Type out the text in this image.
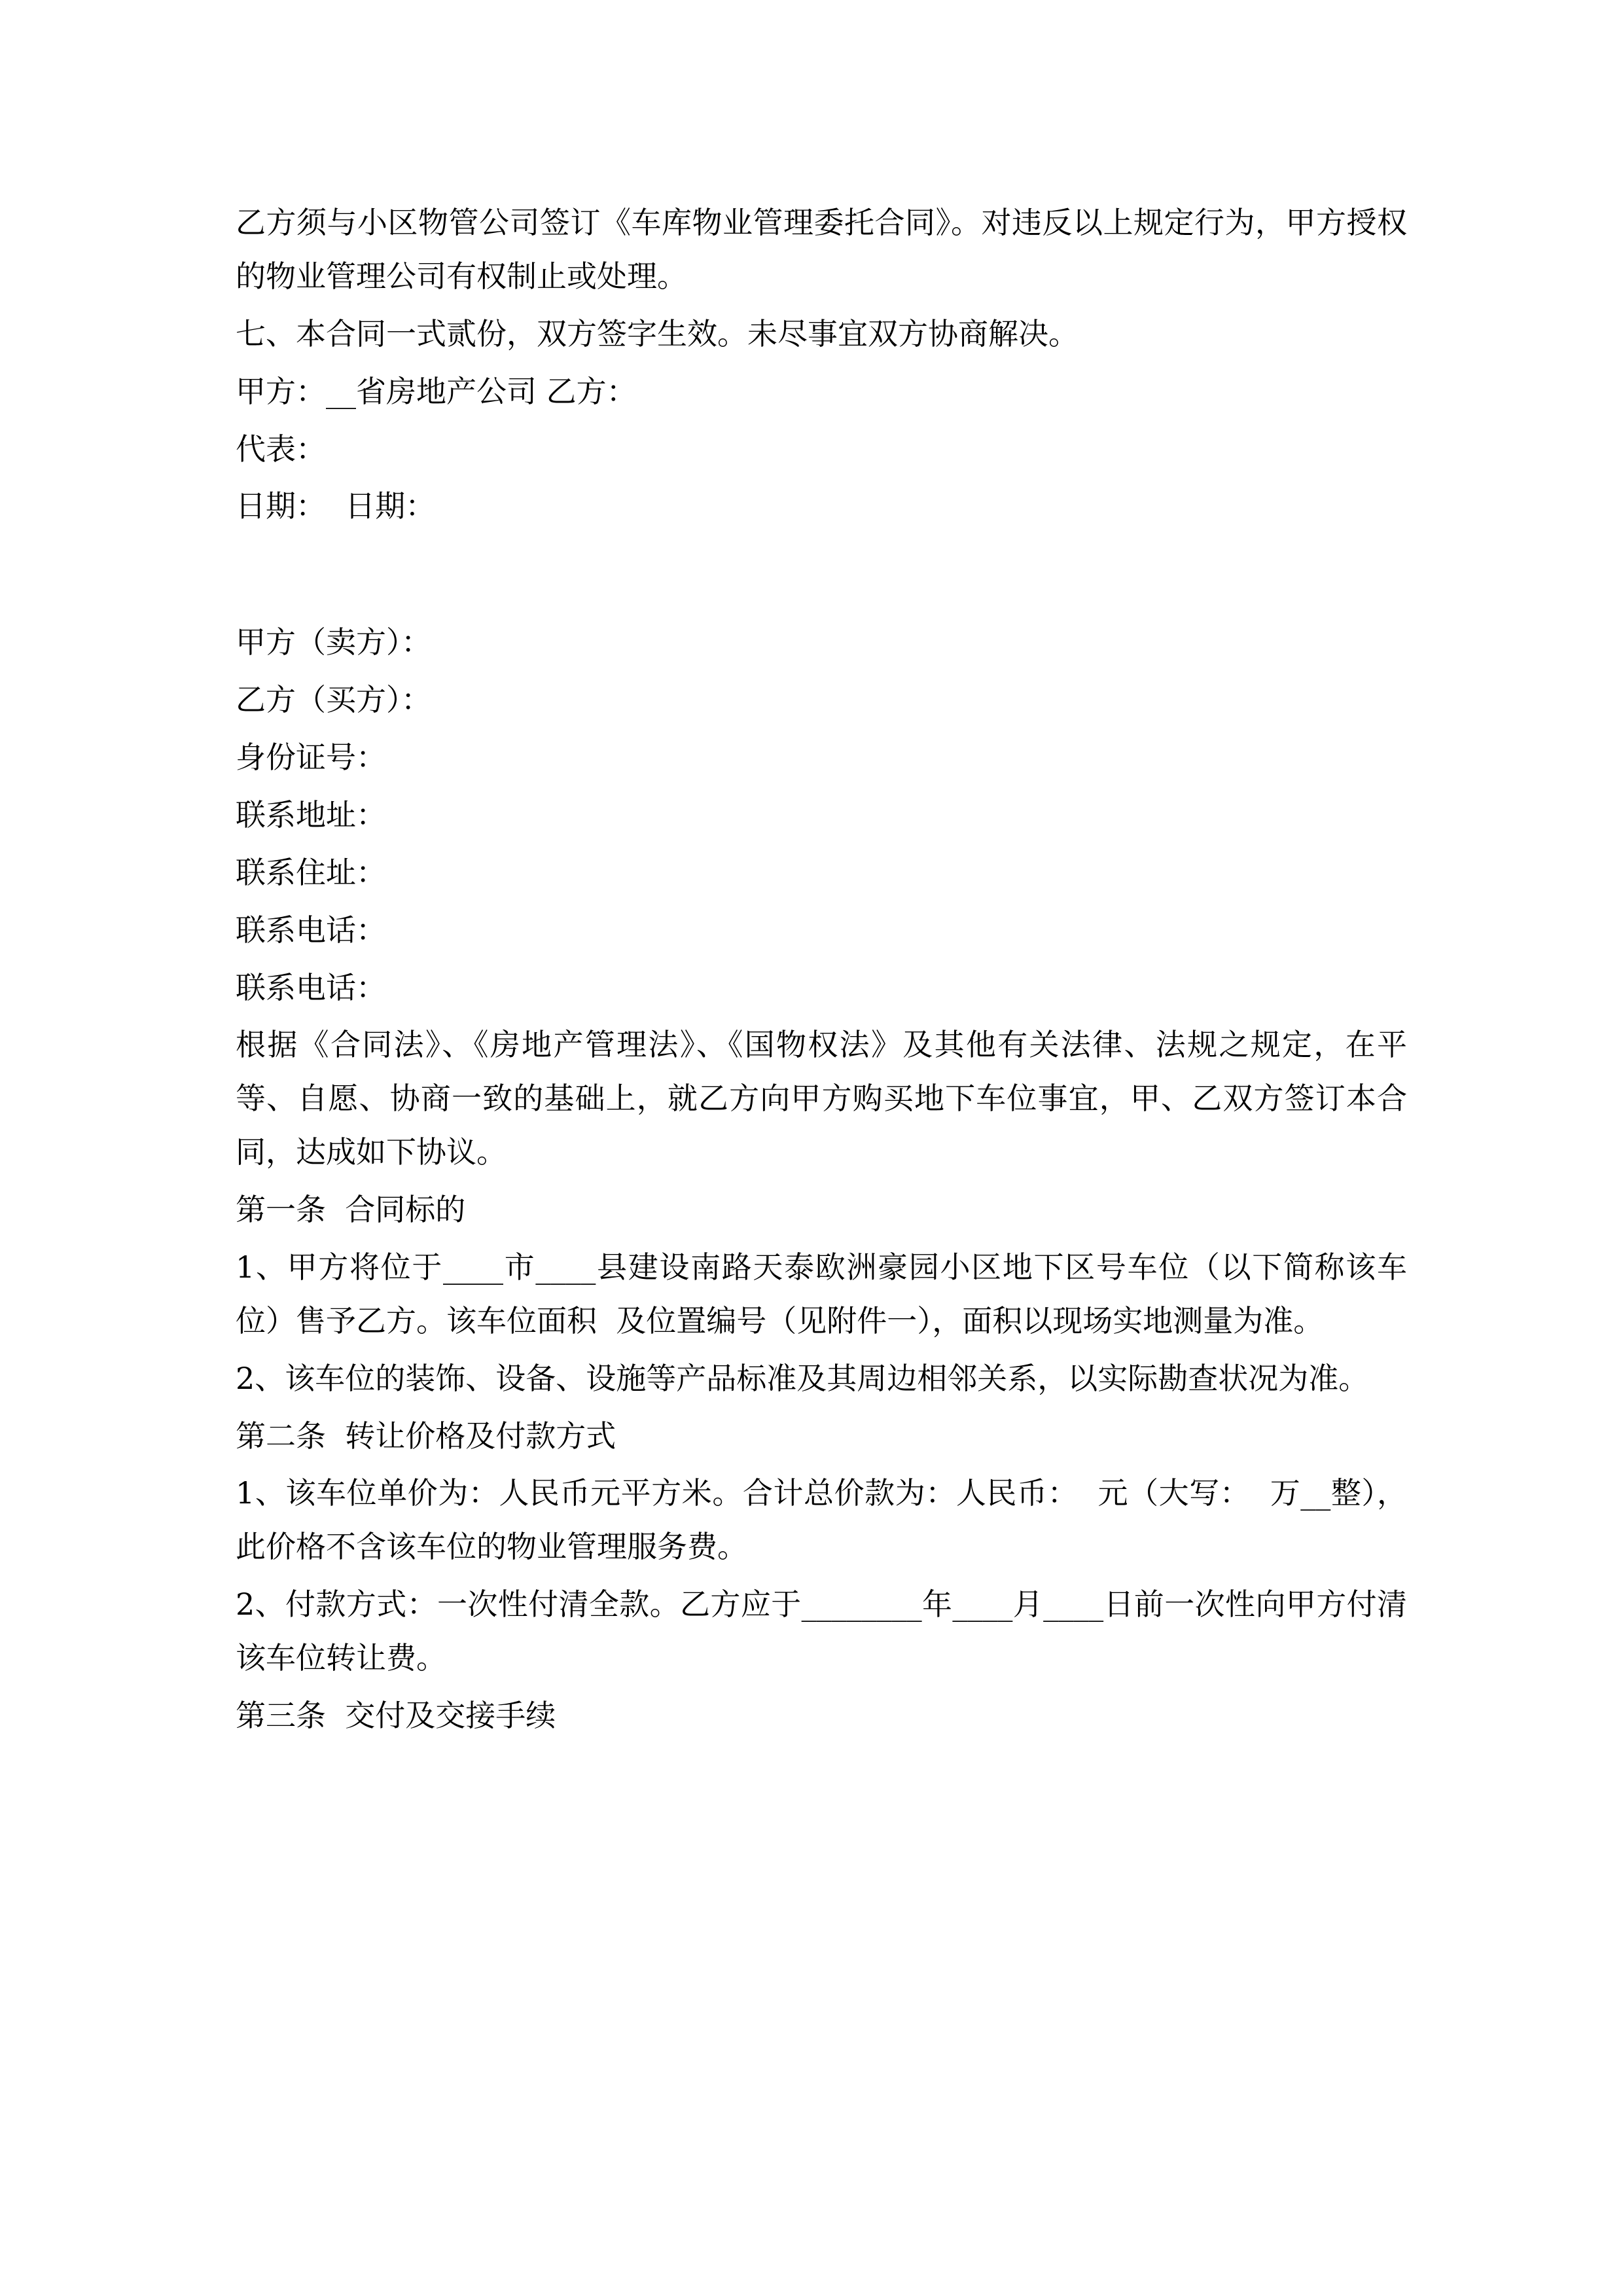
乙方须与小区物管公司签订《车库物业管理委托合同》。对违反以上规定行为，甲方授权的物业管理公司有权制止或处理。

七、本合同一式贰份，双方签字生效。未尽事宜双方协商解决。

甲方：__省房地产公司 乙方：

代表：

日期：  日期：

甲方（卖方）：

乙方（买方）：

身份证号：

联系地址：

联系住址：

联系电话：

联系电话：

根据《合同法》、《房地产管理法》、《国物权法》及其他有关法律、法规之规定，在平等、自愿、协商一致的基础上，就乙方向甲方购买地下车位事宜，甲、乙双方签订本合同，达成如下协议。

第一条  合同标的

1、甲方将位于____市____县建设南路天泰欧洲豪园小区地下区号车位（以下简称该车位）售予乙方。该车位面积  及位置编号（见附件一），面积以现场实地测量为准。

2、该车位的装饰、设备、设施等产品标准及其周边相邻关系，以实际勘查状况为准。

第二条  转让价格及付款方式

1、该车位单价为：人民币元平方米。合计总价款为：人民币：  元（大写：  万__整），此价格不含该车位的物业管理服务费。

2、付款方式：一次性付清全款。乙方应于________年____月____日前一次性向甲方付清该车位转让费。

第三条  交付及交接手续
